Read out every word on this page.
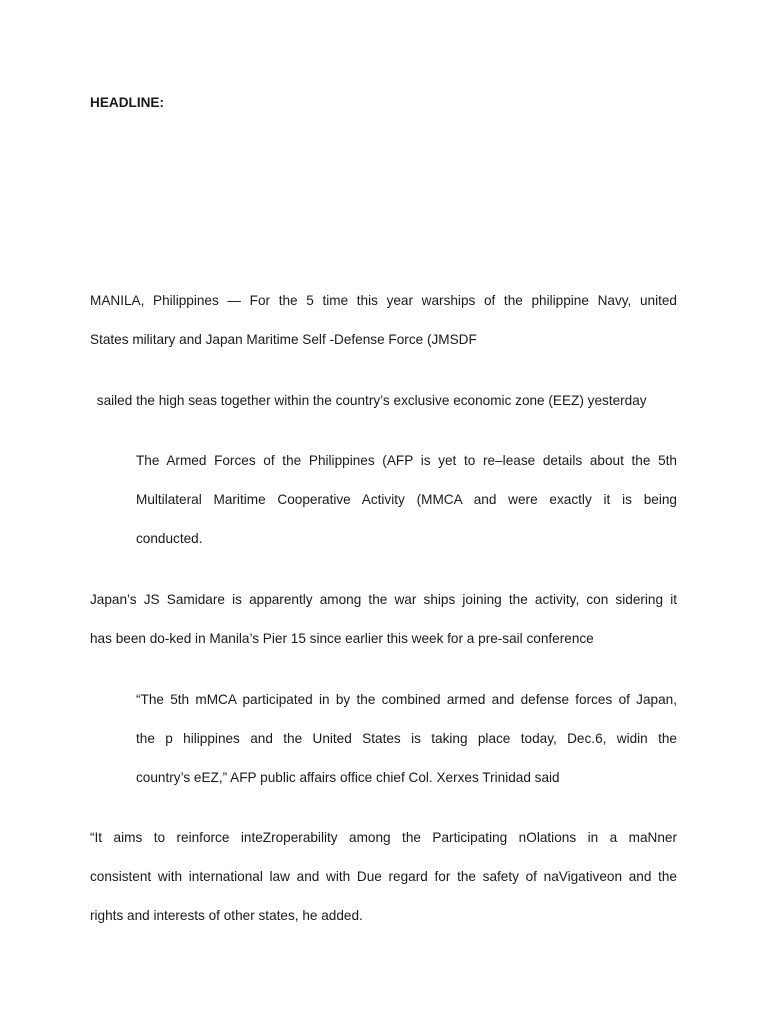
HEADLINE:

MANILA, Philippines — For the 5 time this year warships of the philippine Navy, united
States military and Japan Maritime Self -Defense Force (JMSDF
sailed the high seas together within the country’s exclusive economic zone (EEZ) yesterday
The Armed Forces of the Philippines (AFP is yet to re–lease details about the 5th
Multilateral Maritime Cooperative Activity (MMCA and were exactly it is being
conducted.
Japan’s JS Samidare is apparently among the war ships joining the activity, con sidering it
has been do-ked in Manila’s Pier 15 since earlier this week for a pre-sail conference
“The 5th mMCA participated in by the combined armed and defense forces of Japan,
the p hilippines and the United States is taking place today, Dec.6, widin the
country’s eEZ,” AFP public affairs office chief Col. Xerxes Trinidad said
“It aims to reinforce inteZroperability among the Participating nOlations in a maNner
consistent with international law and with Due regard for the safety of naVigativeon and the
rights and interests of other states, he added.
